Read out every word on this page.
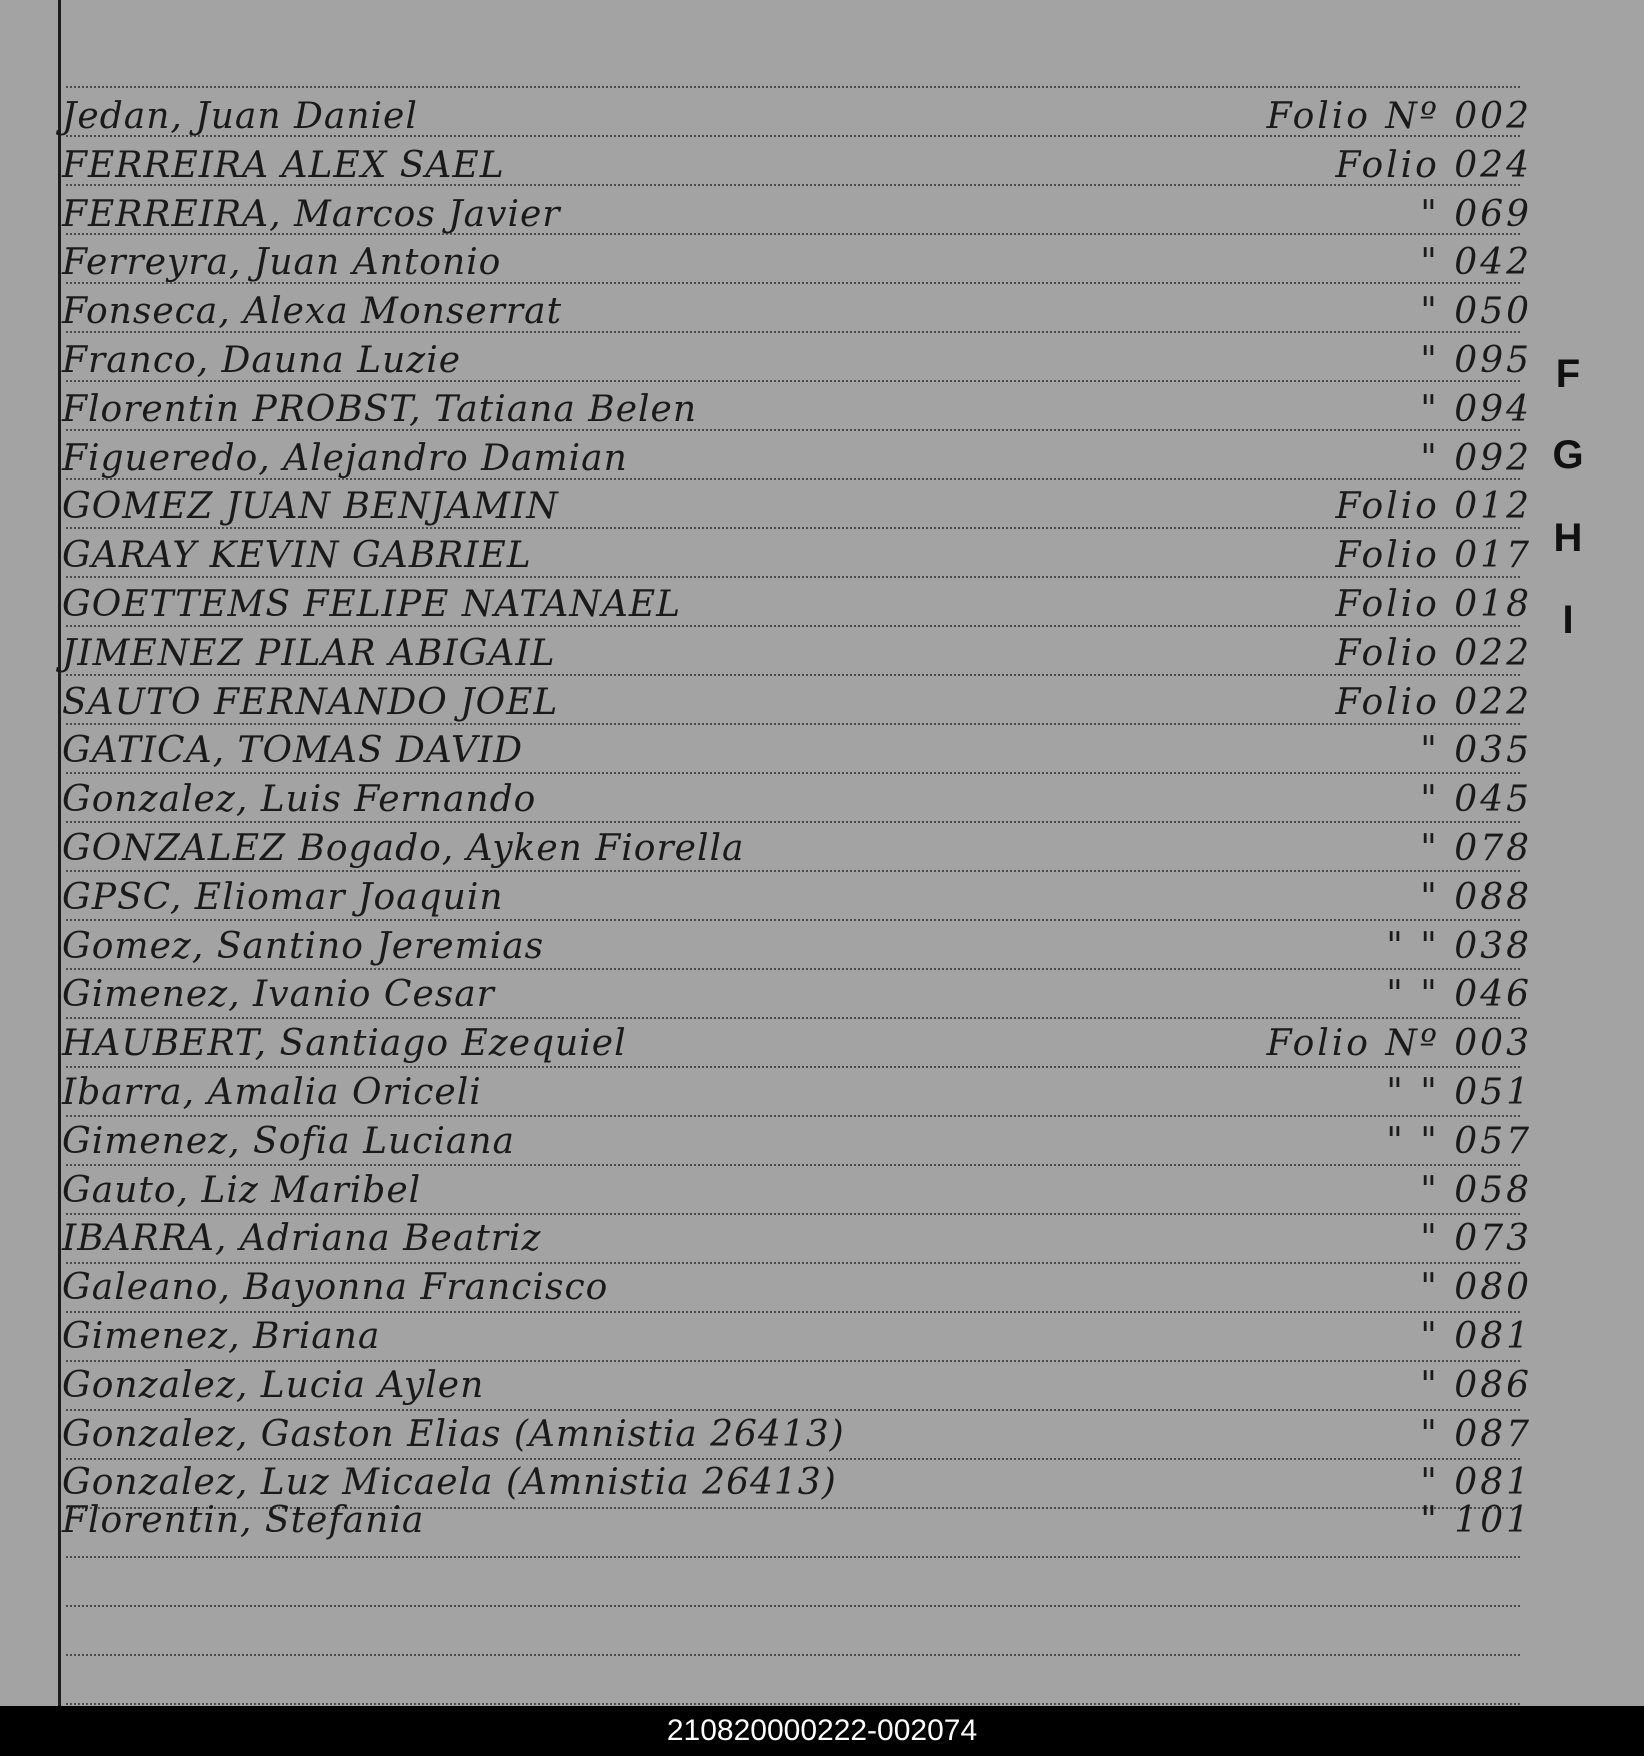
Jedan, Juan Daniel	Folio Nº 002
FERREIRA ALEX SAEL	Folio 024
FERREIRA, Marcos Javier	" 069
Ferreyra, Juan Antonio	" 042
Fonseca, Alexa Monserrat	" 050
Franco, Dauna Luzie	" 095
Florentin PROBST, Tatiana Belen	" 094
Figueredo, Alejandro Damian	" 092
GOMEZ JUAN BENJAMIN	Folio 012
GARAY KEVIN GABRIEL	Folio 017
GOETTEMS FELIPE NATANAEL	Folio 018
JIMENEZ PILAR ABIGAIL	Folio 022
SAUTO FERNANDO JOEL	Folio 022
GATICA, TOMAS DAVID	" 035
Gonzalez, Luis Fernando	" 045
GONZALEZ Bogado, Ayken Fiorella	" 078
GPSC, Eliomar Joaquin	" 088
Gomez, Santino Jeremias	" " 038
Gimenez, Ivanio Cesar	" " 046
HAUBERT, Santiago Ezequiel	Folio Nº 003
Ibarra, Amalia Oriceli	" " 051
Gimenez, Sofia Luciana	" " 057
Gauto, Liz Maribel	" 058
IBARRA, Adriana Beatriz	" 073
Galeano, Bayonna Francisco	" 080
Gimenez, Briana	" 081
Gonzalez, Lucia Aylen	" 086
Gonzalez, Gaston Elias (Amnistia 26413)	" 087
Gonzalez, Luz Micaela (Amnistia 26413)	" 081
Florentin, Stefania	" 101
F
G
H
I
210820000222-002074
